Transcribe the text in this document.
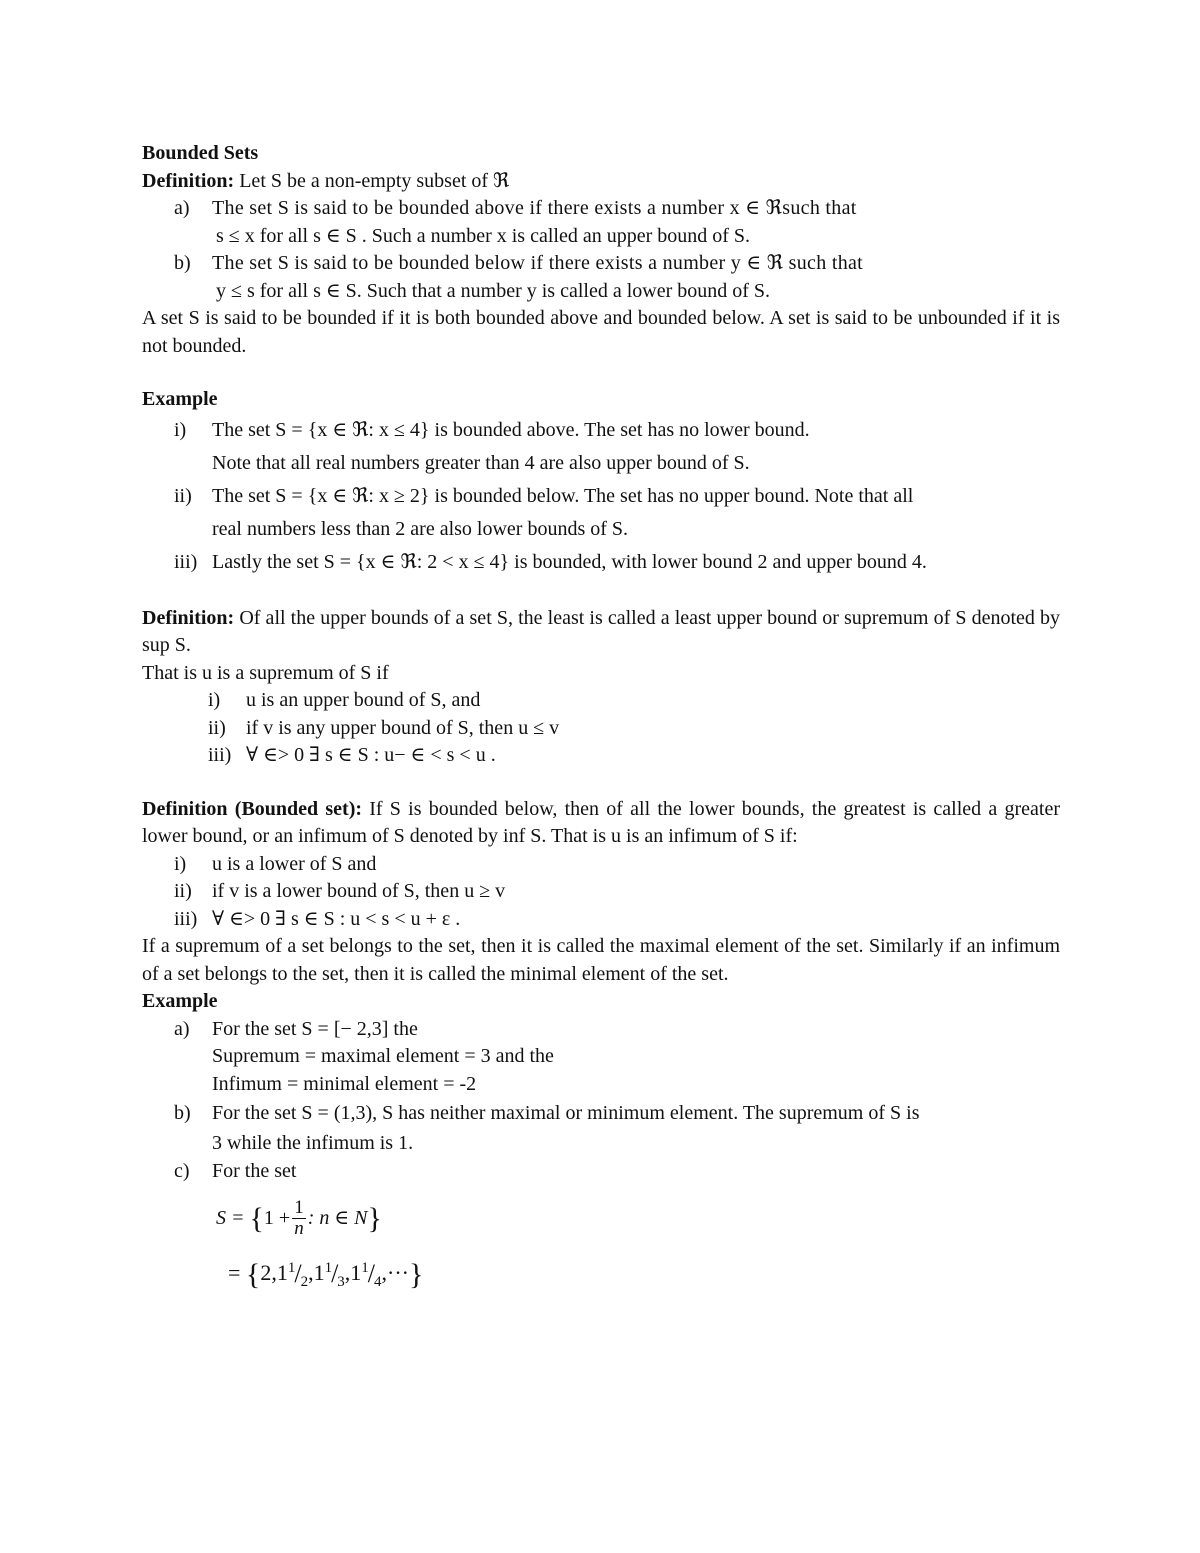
Bounded Sets

Definition: Let S be a non-empty subset of ℜ

a) The set S is said to be bounded above if there exists a number x ∈ ℜsuch that

s ≤ x for all s ∈ S . Such a number x is called an upper bound of S.

b) The set S is said to be bounded below if there exists a number y ∈ ℜ such that

y ≤ s for all s ∈ S. Such that a number y is called a lower bound of S.

A set S is said to be bounded if it is both bounded above and bounded below. A set is said to be unbounded if it is not bounded.

Example

i) The set S = {x ∈ ℜ: x ≤ 4} is bounded above. The set has no lower bound.

Note that all real numbers greater than 4 are also upper bound of S.

ii) The set S = {x ∈ ℜ: x ≥ 2} is bounded below. The set has no upper bound. Note that all

real numbers less than 2 are also lower bounds of S.

iii) Lastly the set S = {x ∈ ℜ: 2 < x ≤ 4} is bounded, with lower bound 2 and upper bound 4.

Definition: Of all the upper bounds of a set S, the least is called a least upper bound or supremum of S denoted by sup S.

That is u is a supremum of S if

i) u is an upper bound of S, and

ii) if v is any upper bound of S, then u ≤ v

iii) ∀ ∈> 0 ∃ s ∈ S : u− ∈ < s < u .

Definition (Bounded set): If S is bounded below, then of all the lower bounds, the greatest is called a greater lower bound, or an infimum of S denoted by inf S. That is u is an infimum of S if:

i) u is a lower of S and

ii) if v is a lower bound of S, then u ≥ v

iii) ∀ ∈> 0 ∃ s ∈ S : u < s < u + ε .

If a supremum of a set belongs to the set, then it is called the maximal element of the set. Similarly if an infimum of a set belongs to the set, then it is called the minimal element of the set.

Example

a) For the set S = [− 2,3] the

Supremum = maximal element = 3 and the

Infimum = minimal element = -2

b) For the set S = (1,3), S has neither maximal or minimum element. The supremum of S is

3 while the infimum is 1.

c) For the set

$S = \{1 + \frac{1}{n}$ : n ∈ N}
= $\{2,1^1/_2,1^1/_3,1^1/_4,\cdot\cdot\cdot\}$
